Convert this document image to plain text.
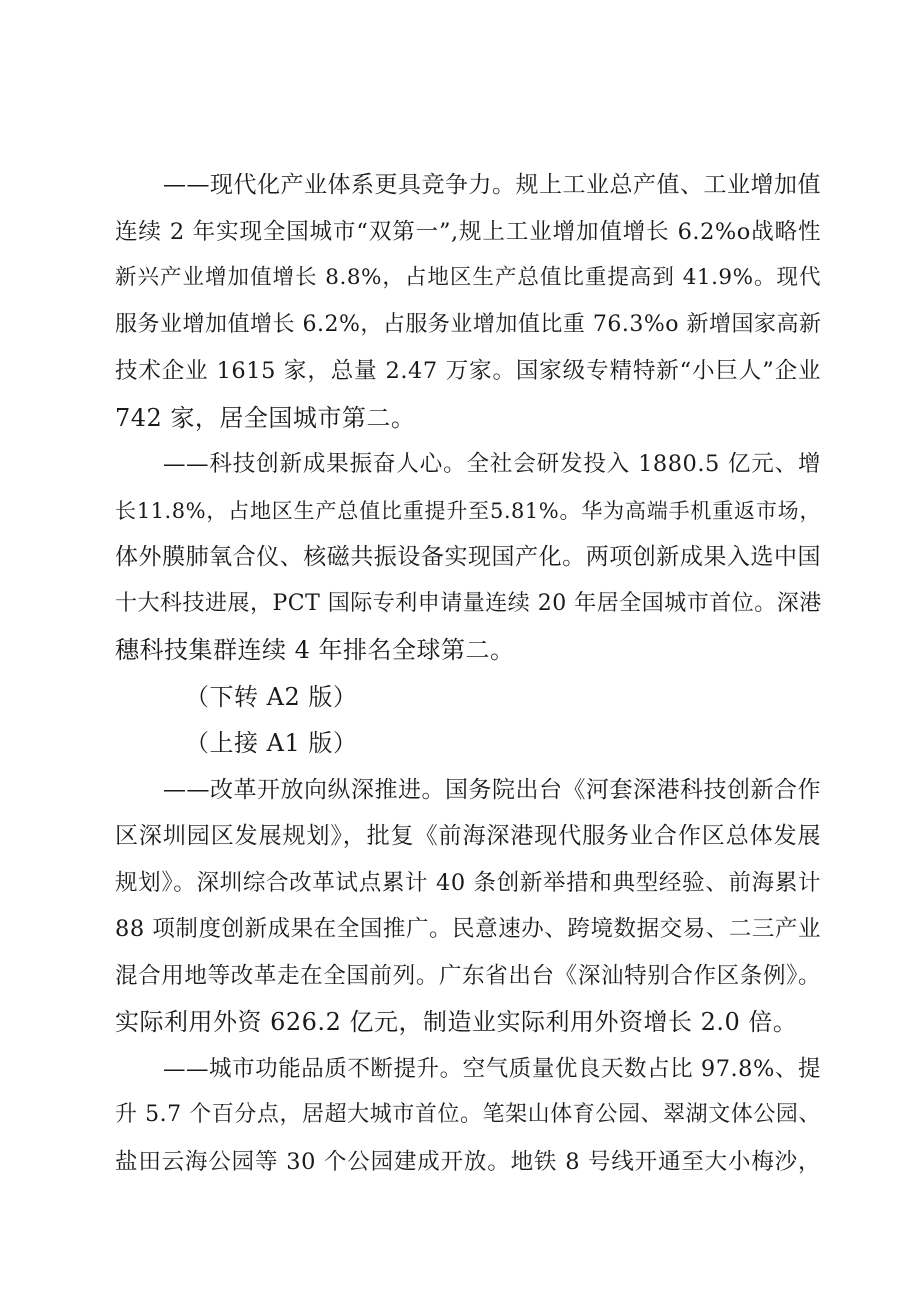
——现代化产业体系更具竞争力。规上工业总产值、工业增加值
连续 2 年实现全国城市“双第一”,规上工业增加值增长 6.2%o战略性
新兴产业增加值增长 8.8%，占地区生产总值比重提高到 41.9%。现代
服务业增加值增长 6.2%，占服务业增加值比重 76.3%o 新增国家高新
技术企业 1615 家，总量 2.47 万家。国家级专精特新“小巨人”企业
742 家，居全国城市第二。

——科技创新成果振奋人心。全社会研发投入 1880.5 亿元、增
长11.8%，占地区生产总值比重提升至5.81%。华为高端手机重返市场，
体外膜肺氧合仪、核磁共振设备实现国产化。两项创新成果入选中国
十大科技进展，PCT 国际专利申请量连续 20 年居全国城市首位。深港
穗科技集群连续 4 年排名全球第二。

（下转 A2 版）

（上接 A1 版）

——改革开放向纵深推进。国务院出台《河套深港科技创新合作
区深圳园区发展规划》，批复《前海深港现代服务业合作区总体发展
规划》。深圳综合改革试点累计 40 条创新举措和典型经验、前海累计
88 项制度创新成果在全国推广。民意速办、跨境数据交易、二三产业
混合用地等改革走在全国前列。广东省出台《深汕特别合作区条例》。
实际利用外资 626.2 亿元，制造业实际利用外资增长 2.0 倍。

——城市功能品质不断提升。空气质量优良天数占比 97.8%、提
升 5.7 个百分点，居超大城市首位。笔架山体育公园、翠湖文体公园、
盐田云海公园等 30 个公园建成开放。地铁 8 号线开通至大小梅沙，
